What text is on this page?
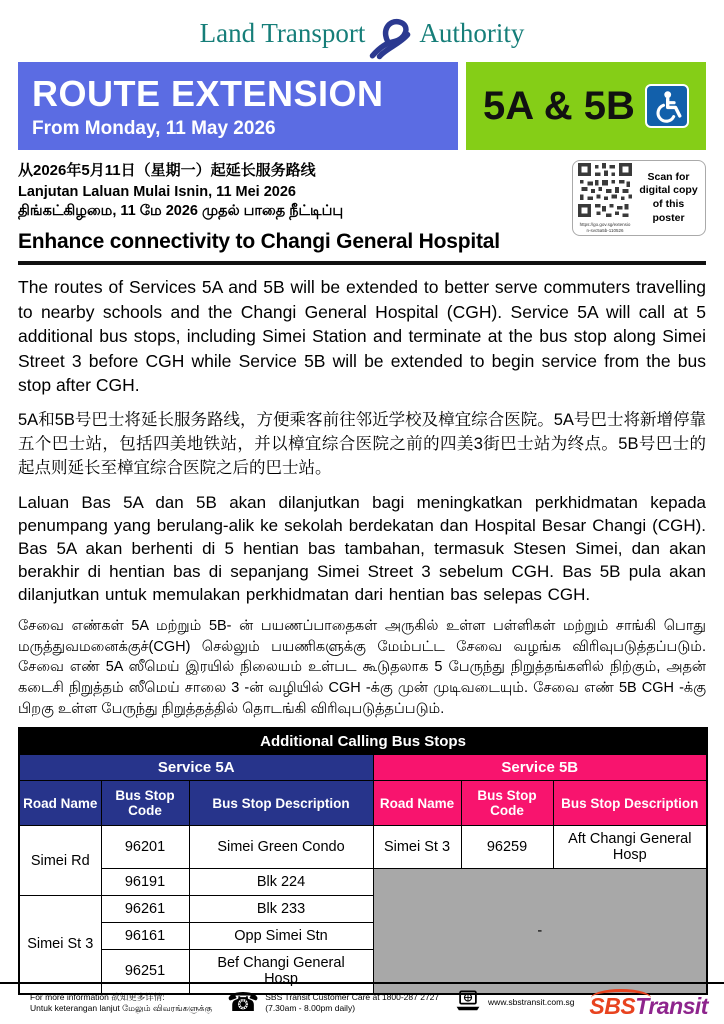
Land Transport Authority
ROUTE EXTENSION
From Monday, 11 May 2026
5A & 5B
从2026年5月11日（星期一）起延长服务路线
Lanjutan Laluan Mulai Isnin, 11 Mei 2026
திங்கட்கிழமை, 11 மே 2026 முதல் பாதை நீட்டிப்பு
Enhance connectivity to Changi General Hospital
https://go.gov.sg/extensio
n-svc5a5b-110526
Scan for digital copy of this poster
The routes of Services 5A and 5B will be extended to better serve commuters travelling to nearby schools and the Changi General Hospital (CGH). Service 5A will call at 5 additional bus stops, including Simei Station and terminate at the bus stop along Simei Street 3 before CGH while Service 5B will be extended to begin service from the bus stop after CGH.
5A和5B号巴士将延长服务路线，方便乘客前往邻近学校及樟宜综合医院。5A号巴士将新增停靠五个巴士站，包括四美地铁站，并以樟宜综合医院之前的四美3街巴士站为终点。5B号巴士的起点则延长至樟宜综合医院之后的巴士站。
Laluan Bas 5A dan 5B akan dilanjutkan bagi meningkatkan perkhidmatan kepada penumpang yang berulang-alik ke sekolah berdekatan dan Hospital Besar Changi (CGH). Bas 5A akan berhenti di 5 hentian bas tambahan, termasuk Stesen Simei, dan akan berakhir di hentian bas di sepanjang Simei Street 3 sebelum CGH. Bas 5B pula akan dilanjutkan untuk memulakan perkhidmatan dari hentian bas selepas CGH.
சேவை எண்கள் 5A மற்றும் 5B- ன் பயணப்பாதைகள் அருகில் உள்ள பள்ளிகள் மற்றும் சாங்கி பொது மருத்துவமனைக்குச்(CGH) செல்லும் பயணிகளுக்கு மேம்பட்ட சேவை வழங்க விரிவுபடுத்தப்படும். சேவை எண் 5A ஸீமெய் இரயில் நிலையம் உள்பட கூடுதலாக 5 பேருந்து நிறுத்தங்களில் நிற்கும், அதன் கடைசி நிறுத்தம் ஸீமெய் சாலை 3 -ன் வழியில் CGH -க்கு முன் முடிவடையும். சேவை எண் 5B CGH -க்கு பிறகு உள்ள பேருந்து நிறுத்தத்தில் தொடங்கி விரிவுபடுத்தப்படும்.
Additional Calling Bus Stops					
Service 5A			Service 5B		
Road Name	Bus Stop Code	Bus Stop Description	Road Name	Bus Stop Code	Bus Stop Description
Simei Rd	96201	Simei Green Condo	Simei St 3	96259	Aft Changi General Hosp
	96191	Blk 224	-		
Simei St 3	96261	Blk 233			
	96161	Opp Simei Stn			
	96251	Bef Changi General Hosp			
For more information 欲知更多详情:
Untuk keterangan lanjut மேலும் விவரங்களுக்கு ☎ SBS Transit Customer Care at 1800-287 2727
(7.30am - 8.00pm daily)
www.sbstransit.com.sg SBS Transit
